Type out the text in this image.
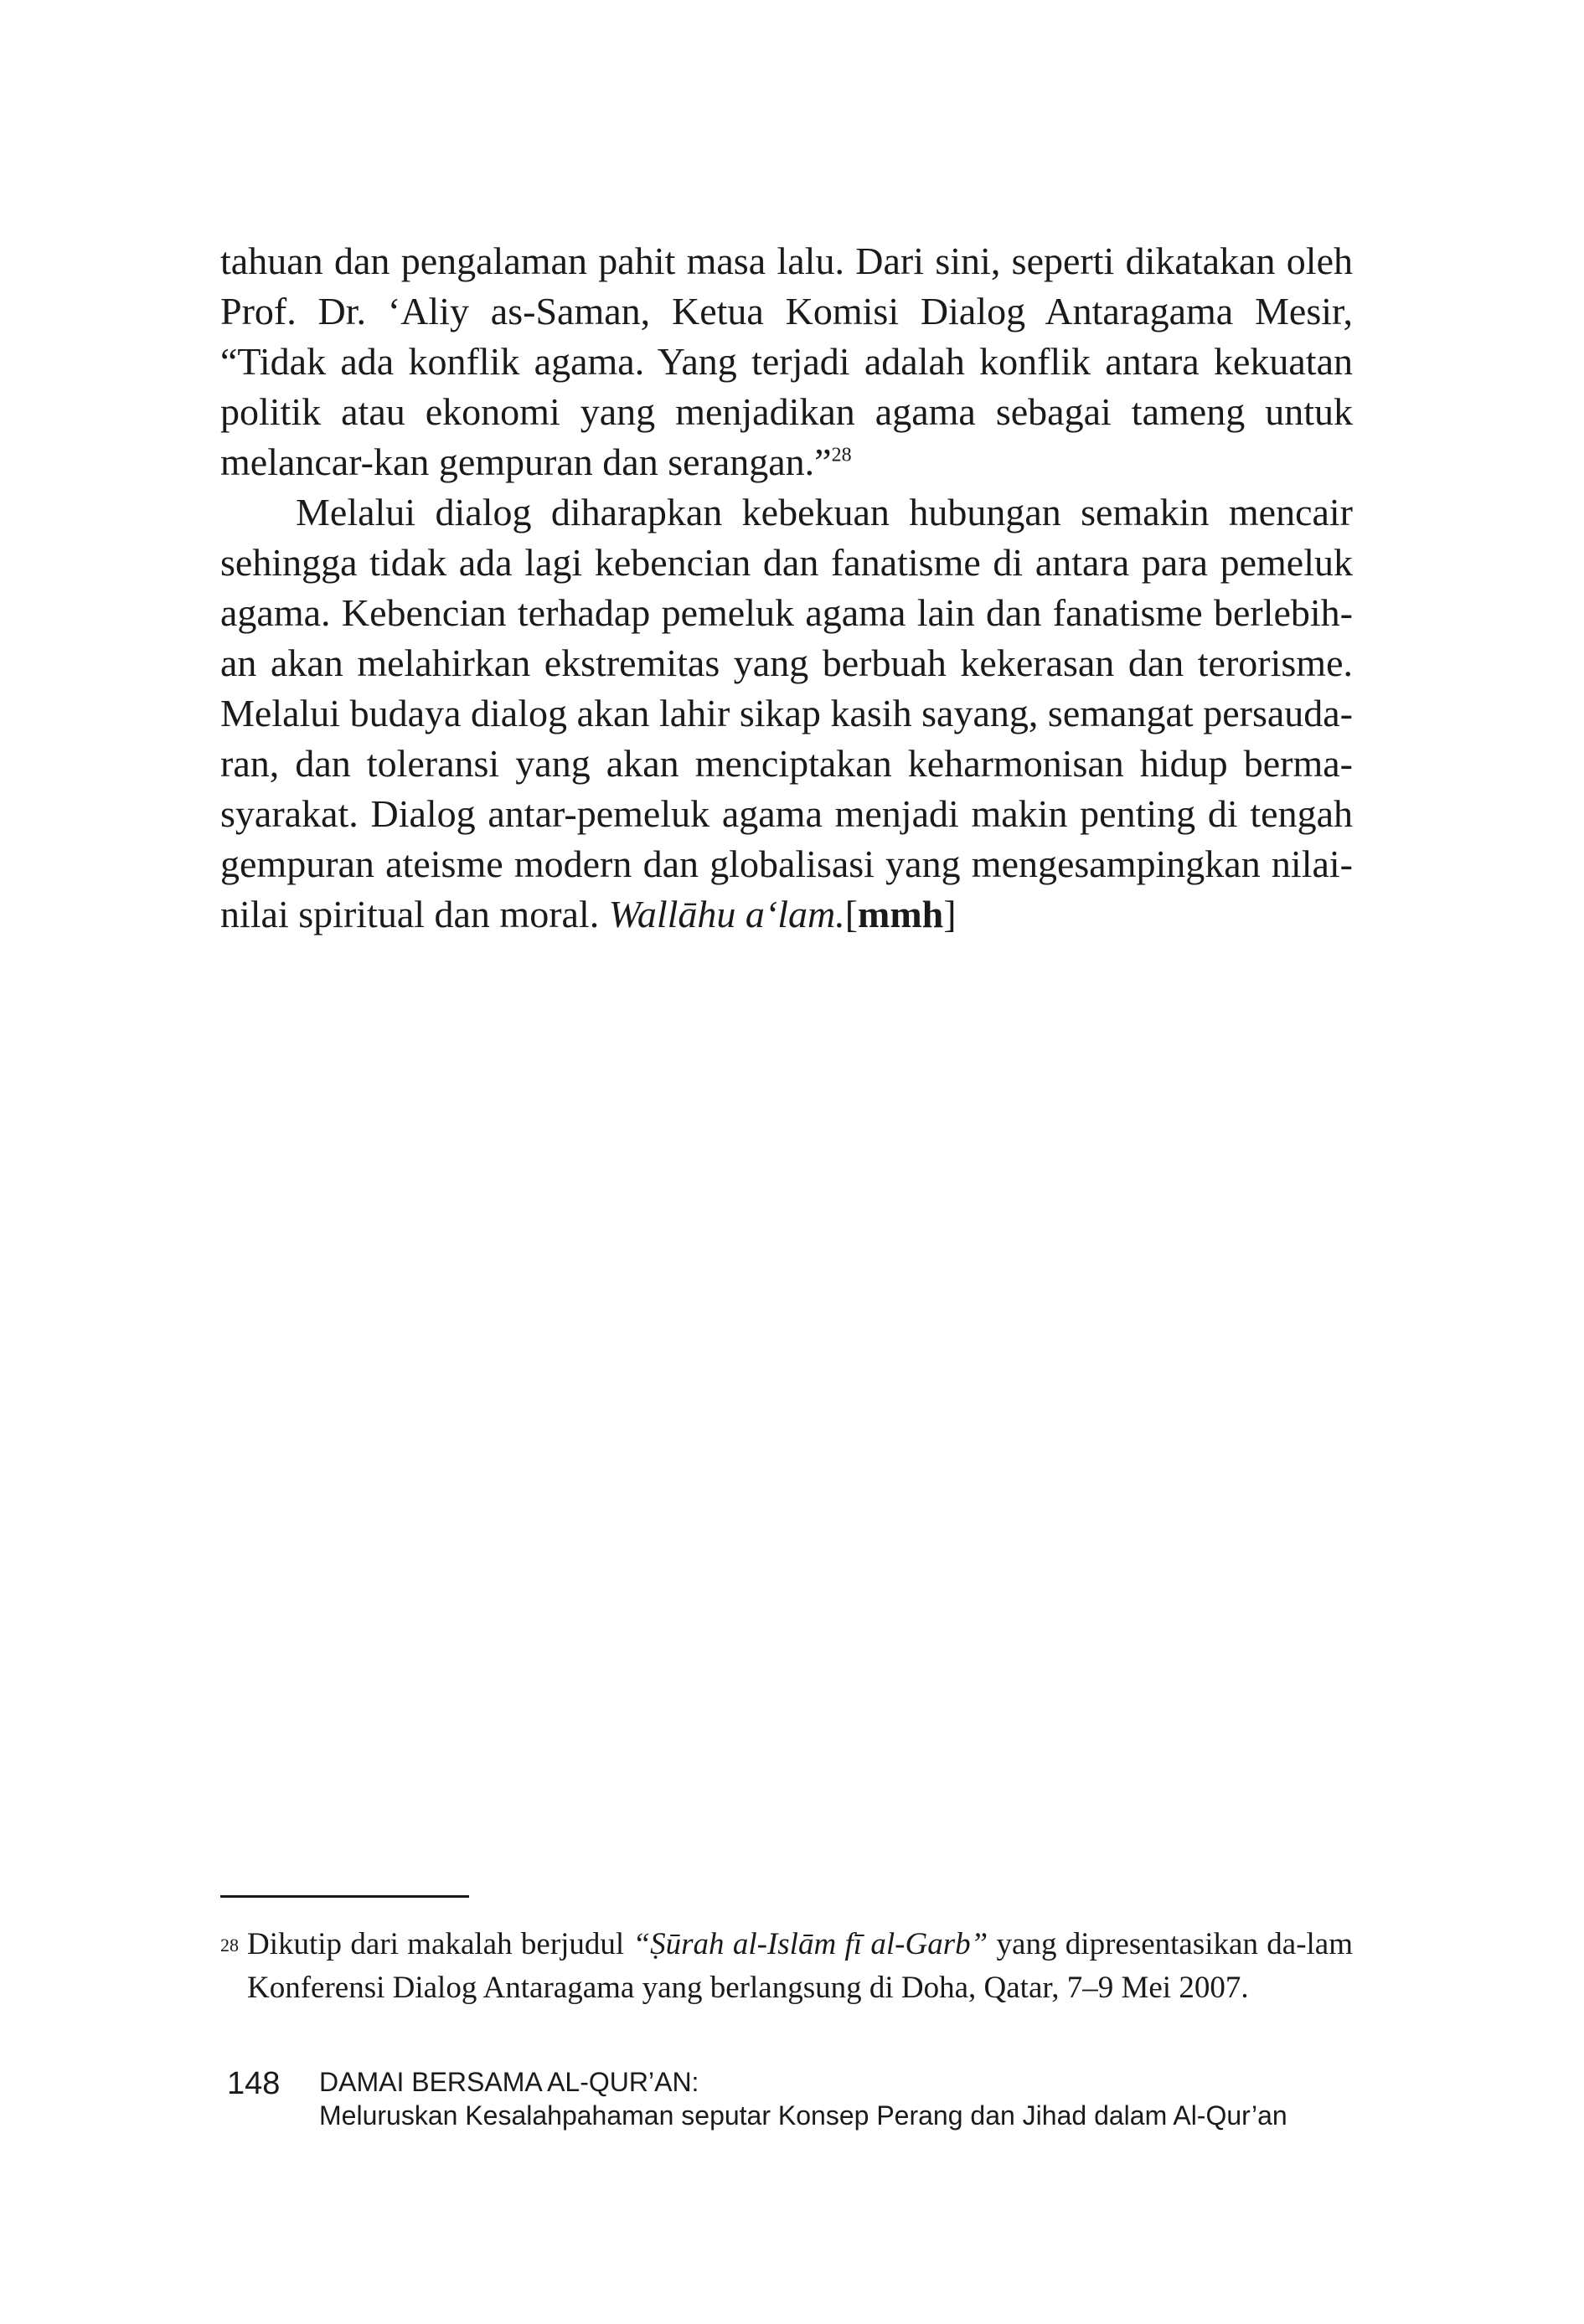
tahuan dan pengalaman pahit masa lalu. Dari sini, seperti dikatakan oleh Prof. Dr. ‘Aliy as-Saman, Ketua Komisi Dialog Antaragama Mesir, “Tidak ada konflik agama. Yang terjadi adalah konflik antara kekuatan politik atau ekonomi yang menjadikan agama sebagai tameng untuk melancar-kan gempuran dan serangan.”$^{28}$

Melalui dialog diharapkan kebekuan hubungan semakin mencair sehingga tidak ada lagi kebencian dan fanatisme di antara para pemeluk agama. Kebencian terhadap pemeluk agama lain dan fanatisme berlebih-an akan melahirkan ekstremitas yang berbuah kekerasan dan terorisme. Melalui budaya dialog akan lahir sikap kasih sayang, semangat persauda-ran, dan toleransi yang akan menciptakan keharmonisan hidup berma-syarakat. Dialog antar-pemeluk agama menjadi makin penting di tengah gempuran ateisme modern dan globalisasi yang mengesampingkan nilai-nilai spiritual dan moral. Wallāhu a‘lam.[mmh]

28 Dikutip dari makalah berjudul “Ṣūrah al-Islām fī al-Garb” yang dipresentasikan da-lam Konferensi Dialog Antaragama yang berlangsung di Doha, Qatar, 7–9 Mei 2007.
148 DAMAI BERSAMA AL-QUR’AN:
Meluruskan Kesalahpahaman seputar Konsep Perang dan Jihad dalam Al-Qur’an
